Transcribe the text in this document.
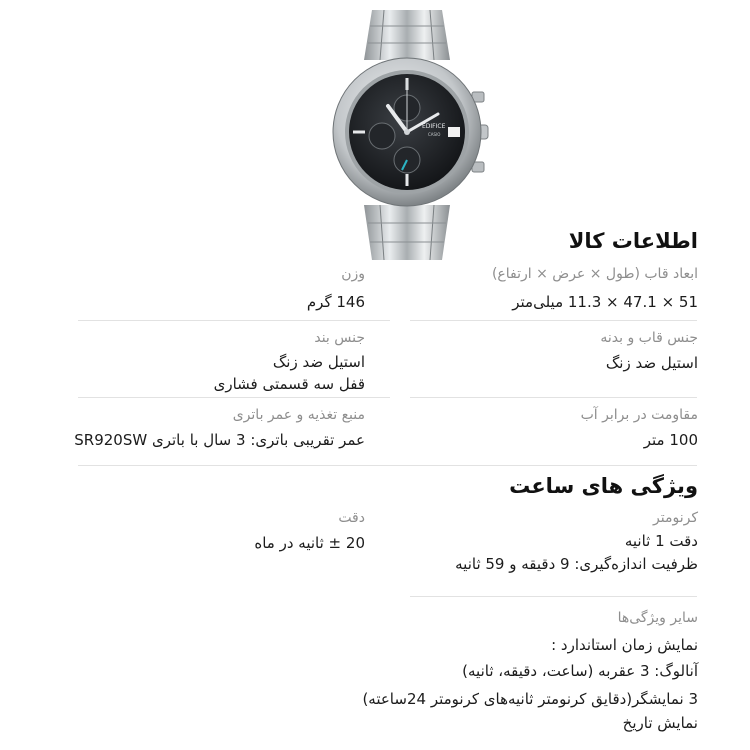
EDIFICE
CASIO
اطلاعات کالا
ابعاد قاب (طول × عرض × ارتفاع)
51 × 47.1 × 11.3 میلی‌متر
جنس قاب و بدنه
استیل ضد زنگ
مقاومت در برابر آب
100 متر
وزن
146 گرم
جنس بند
استیل ضد زنگ
قفل سه قسمتی فشاری
منبع تغذیه و عمر باتری
عمر تقریبی باتری: 3 سال با باتری SR920SW
ویژگی های ساعت
کرنومتر
دقت 1 ثانیه
ظرفیت اندازه‌گیری: 9 دقیقه و 59 ثانیه
دقت
20 ± ثانیه در ماه
سایر ویژگی‌ها
نمایش زمان استاندارد :
آنالوگ: 3 عقربه (ساعت، دقیقه، ثانیه)
3 نمایشگر(دقایق کرنومتر ثانیه‌های کرنومتر 24ساعته)
نمایش تاریخ
